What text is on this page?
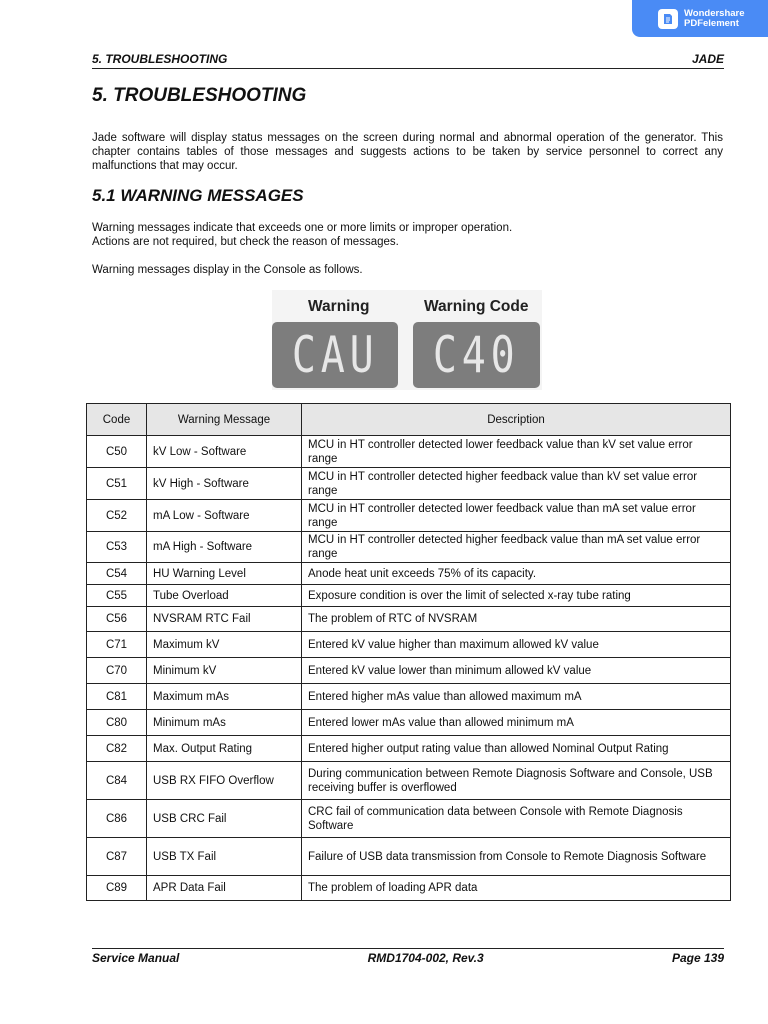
Wondershare
PDFelement
5. TROUBLESHOOTING	JADE
5. TROUBLESHOOTING

Jade software will display status messages on the screen during normal and abnormal operation of the generator. This chapter contains tables of those messages and suggests actions to be taken by service personnel to correct any malfunctions that may occur.

5.1 WARNING MESSAGES

Warning messages indicate that exceeds one or more limits or improper operation.

Actions are not required, but check the reason of messages.

Warning messages display in the Console as follows.

Warning	Warning Code
CAU C40
Code	Warning Message	Description
C50	kV Low - Software	MCU in HT controller detected lower feedback value than kV set value error range
C51	kV High - Software	MCU in HT controller detected higher feedback value than kV set value error range
C52	mA Low - Software	MCU in HT controller detected lower feedback value than mA set value error range
C53	mA High - Software	MCU in HT controller detected higher feedback value than mA set value error range
C54	HU Warning Level	Anode heat unit exceeds 75% of its capacity.
C55	Tube Overload	Exposure condition is over the limit of selected x-ray tube rating
C56	NVSRAM RTC Fail	The problem of RTC of NVSRAM
C71	Maximum kV	Entered kV value higher than maximum allowed kV value
C70	Minimum kV	Entered kV value lower than minimum allowed kV value
C81	Maximum mAs	Entered higher mAs value than allowed maximum mA
C80	Minimum mAs	Entered lower mAs value than allowed minimum mA
C82	Max. Output Rating	Entered higher output rating value than allowed Nominal Output Rating
C84	USB RX FIFO Overflow	During communication between Remote Diagnosis Software and Console, USB receiving buffer is overflowed
C86	USB CRC Fail	CRC fail of communication data between Console with Remote Diagnosis Software
C87	USB TX Fail	Failure of USB data transmission from Console to Remote Diagnosis Software
C89	APR Data Fail	The problem of loading APR data
Service Manual	RMD1704-002, Rev.3	Page 139
